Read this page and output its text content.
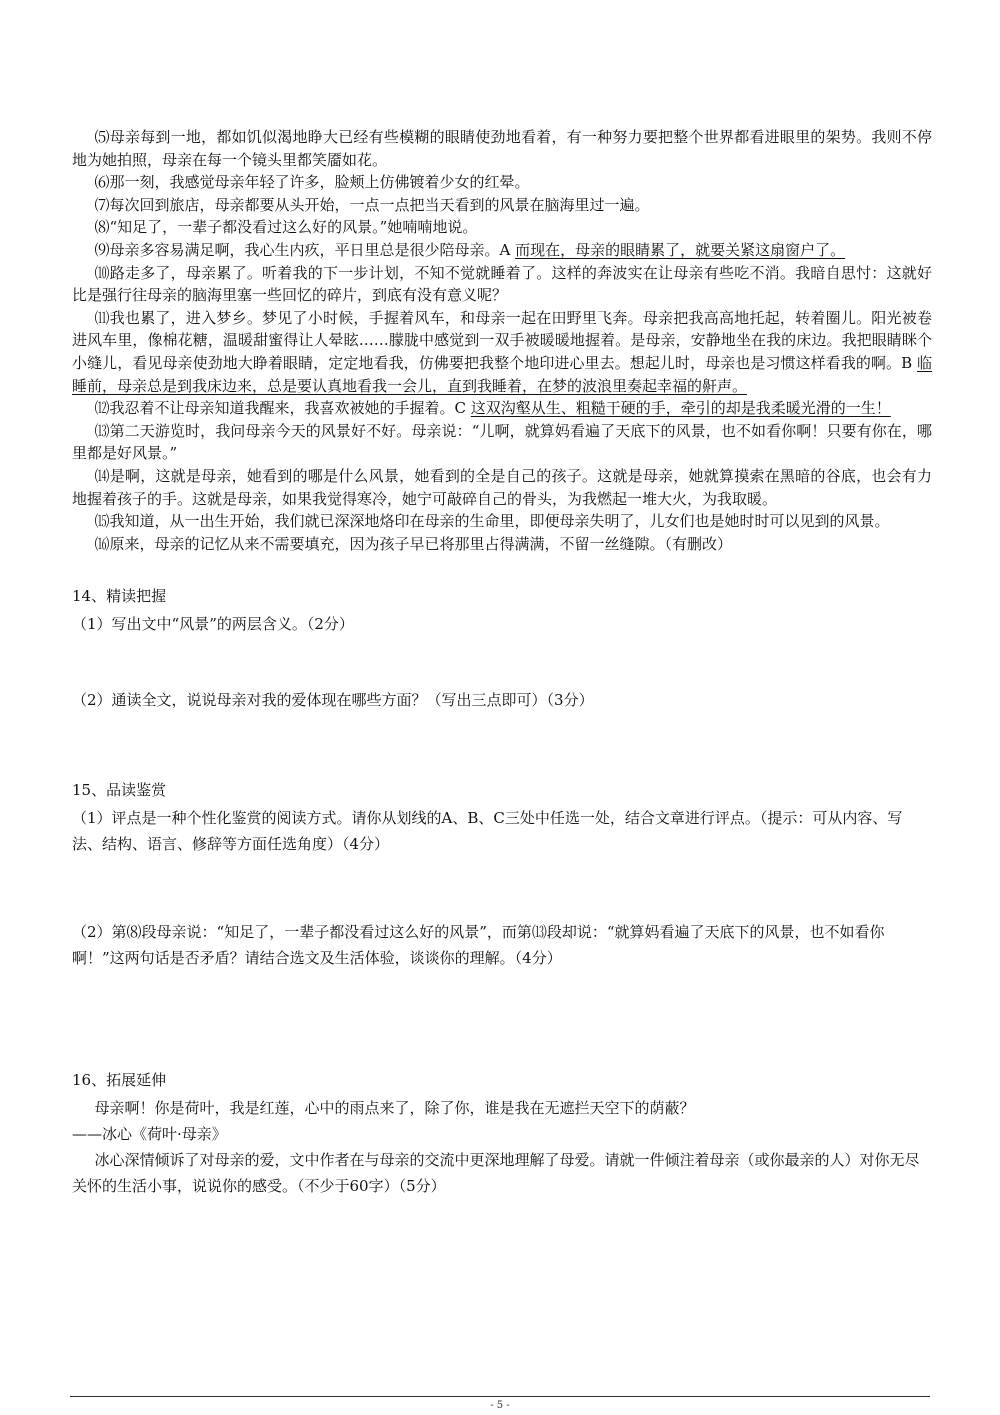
⑸母亲每到一地，都如饥似渴地睁大已经有些模糊的眼睛使劲地看着，有一种努力要把整个世界都看进眼里的架势。我则不停地为她拍照，母亲在每一个镜头里都笑靥如花。

⑹那一刻，我感觉母亲年轻了许多，脸颊上仿佛镀着少女的红晕。

⑺每次回到旅店，母亲都要从头开始，一点一点把当天看到的风景在脑海里过一遍。

⑻“知足了，一辈子都没看过这么好的风景。”她喃喃地说。

⑼母亲多容易满足啊，我心生内疚，平日里总是很少陪母亲。A 而现在，母亲的眼睛累了，就要关紧这扇窗户了。

⑽路走多了，母亲累了。听着我的下一步计划，不知不觉就睡着了。这样的奔波实在让母亲有些吃不消。我暗自思忖：这就好比是强行往母亲的脑海里塞一些回忆的碎片，到底有没有意义呢？

⑾我也累了，进入梦乡。梦见了小时候，手握着风车，和母亲一起在田野里飞奔。母亲把我高高地托起，转着圈儿。阳光被卷进风车里，像棉花糖，温暖甜蜜得让人晕眩……朦胧中感觉到一双手被暖暖地握着。是母亲，安静地坐在我的床边。我把眼睛眯个小缝儿，看见母亲使劲地大睁着眼睛，定定地看我，仿佛要把我整个地印进心里去。想起儿时，母亲也是习惯这样看我的啊。B 临睡前，母亲总是到我床边来，总是要认真地看我一会儿，直到我睡着，在梦的波浪里奏起幸福的鼾声。

⑿我忍着不让母亲知道我醒来，我喜欢被她的手握着。C 这双沟壑从生、粗糙干硬的手，牵引的却是我柔暖光滑的一生！

⒀第二天游览时，我问母亲今天的风景好不好。母亲说：“儿啊，就算妈看遍了天底下的风景，也不如看你啊！只要有你在，哪里都是好风景。”

⒁是啊，这就是母亲，她看到的哪是什么风景，她看到的全是自己的孩子。这就是母亲，她就算摸索在黑暗的谷底，也会有力地握着孩子的手。这就是母亲，如果我觉得寒冷，她宁可敲碎自己的骨头，为我燃起一堆大火，为我取暖。

⒂我知道，从一出生开始，我们就已深深地烙印在母亲的生命里，即便母亲失明了，儿女们也是她时时可以见到的风景。

⒃原来，母亲的记忆从来不需要填充，因为孩子早已将那里占得满满，不留一丝缝隙。（有删改）

14、精读把握

（1）写出文中“风景”的两层含义。（2分）

（2）通读全文，说说母亲对我的爱体现在哪些方面？（写出三点即可）（3分）

15、品读鉴赏

（1）评点是一种个性化鉴赏的阅读方式。请你从划线的A、B、C三处中任选一处，结合文章进行评点。（提示：可从内容、写法、结构、语言、修辞等方面任选角度）（4分）

（2）第⑻段母亲说：“知足了，一辈子都没看过这么好的风景”，而第⒀段却说：“就算妈看遍了天底下的风景，也不如看你啊！”这两句话是否矛盾？请结合选文及生活体验，谈谈你的理解。（4分）

16、拓展延伸

母亲啊！你是荷叶，我是红莲，心中的雨点来了，除了你，谁是我在无遮拦天空下的荫蔽？

——冰心《荷叶·母亲》

冰心深情倾诉了对母亲的爱，文中作者在与母亲的交流中更深地理解了母爱。请就一件倾注着母亲（或你最亲的人）对你无尽关怀的生活小事，说说你的感受。（不少于60字）（5分）

- 5 -
